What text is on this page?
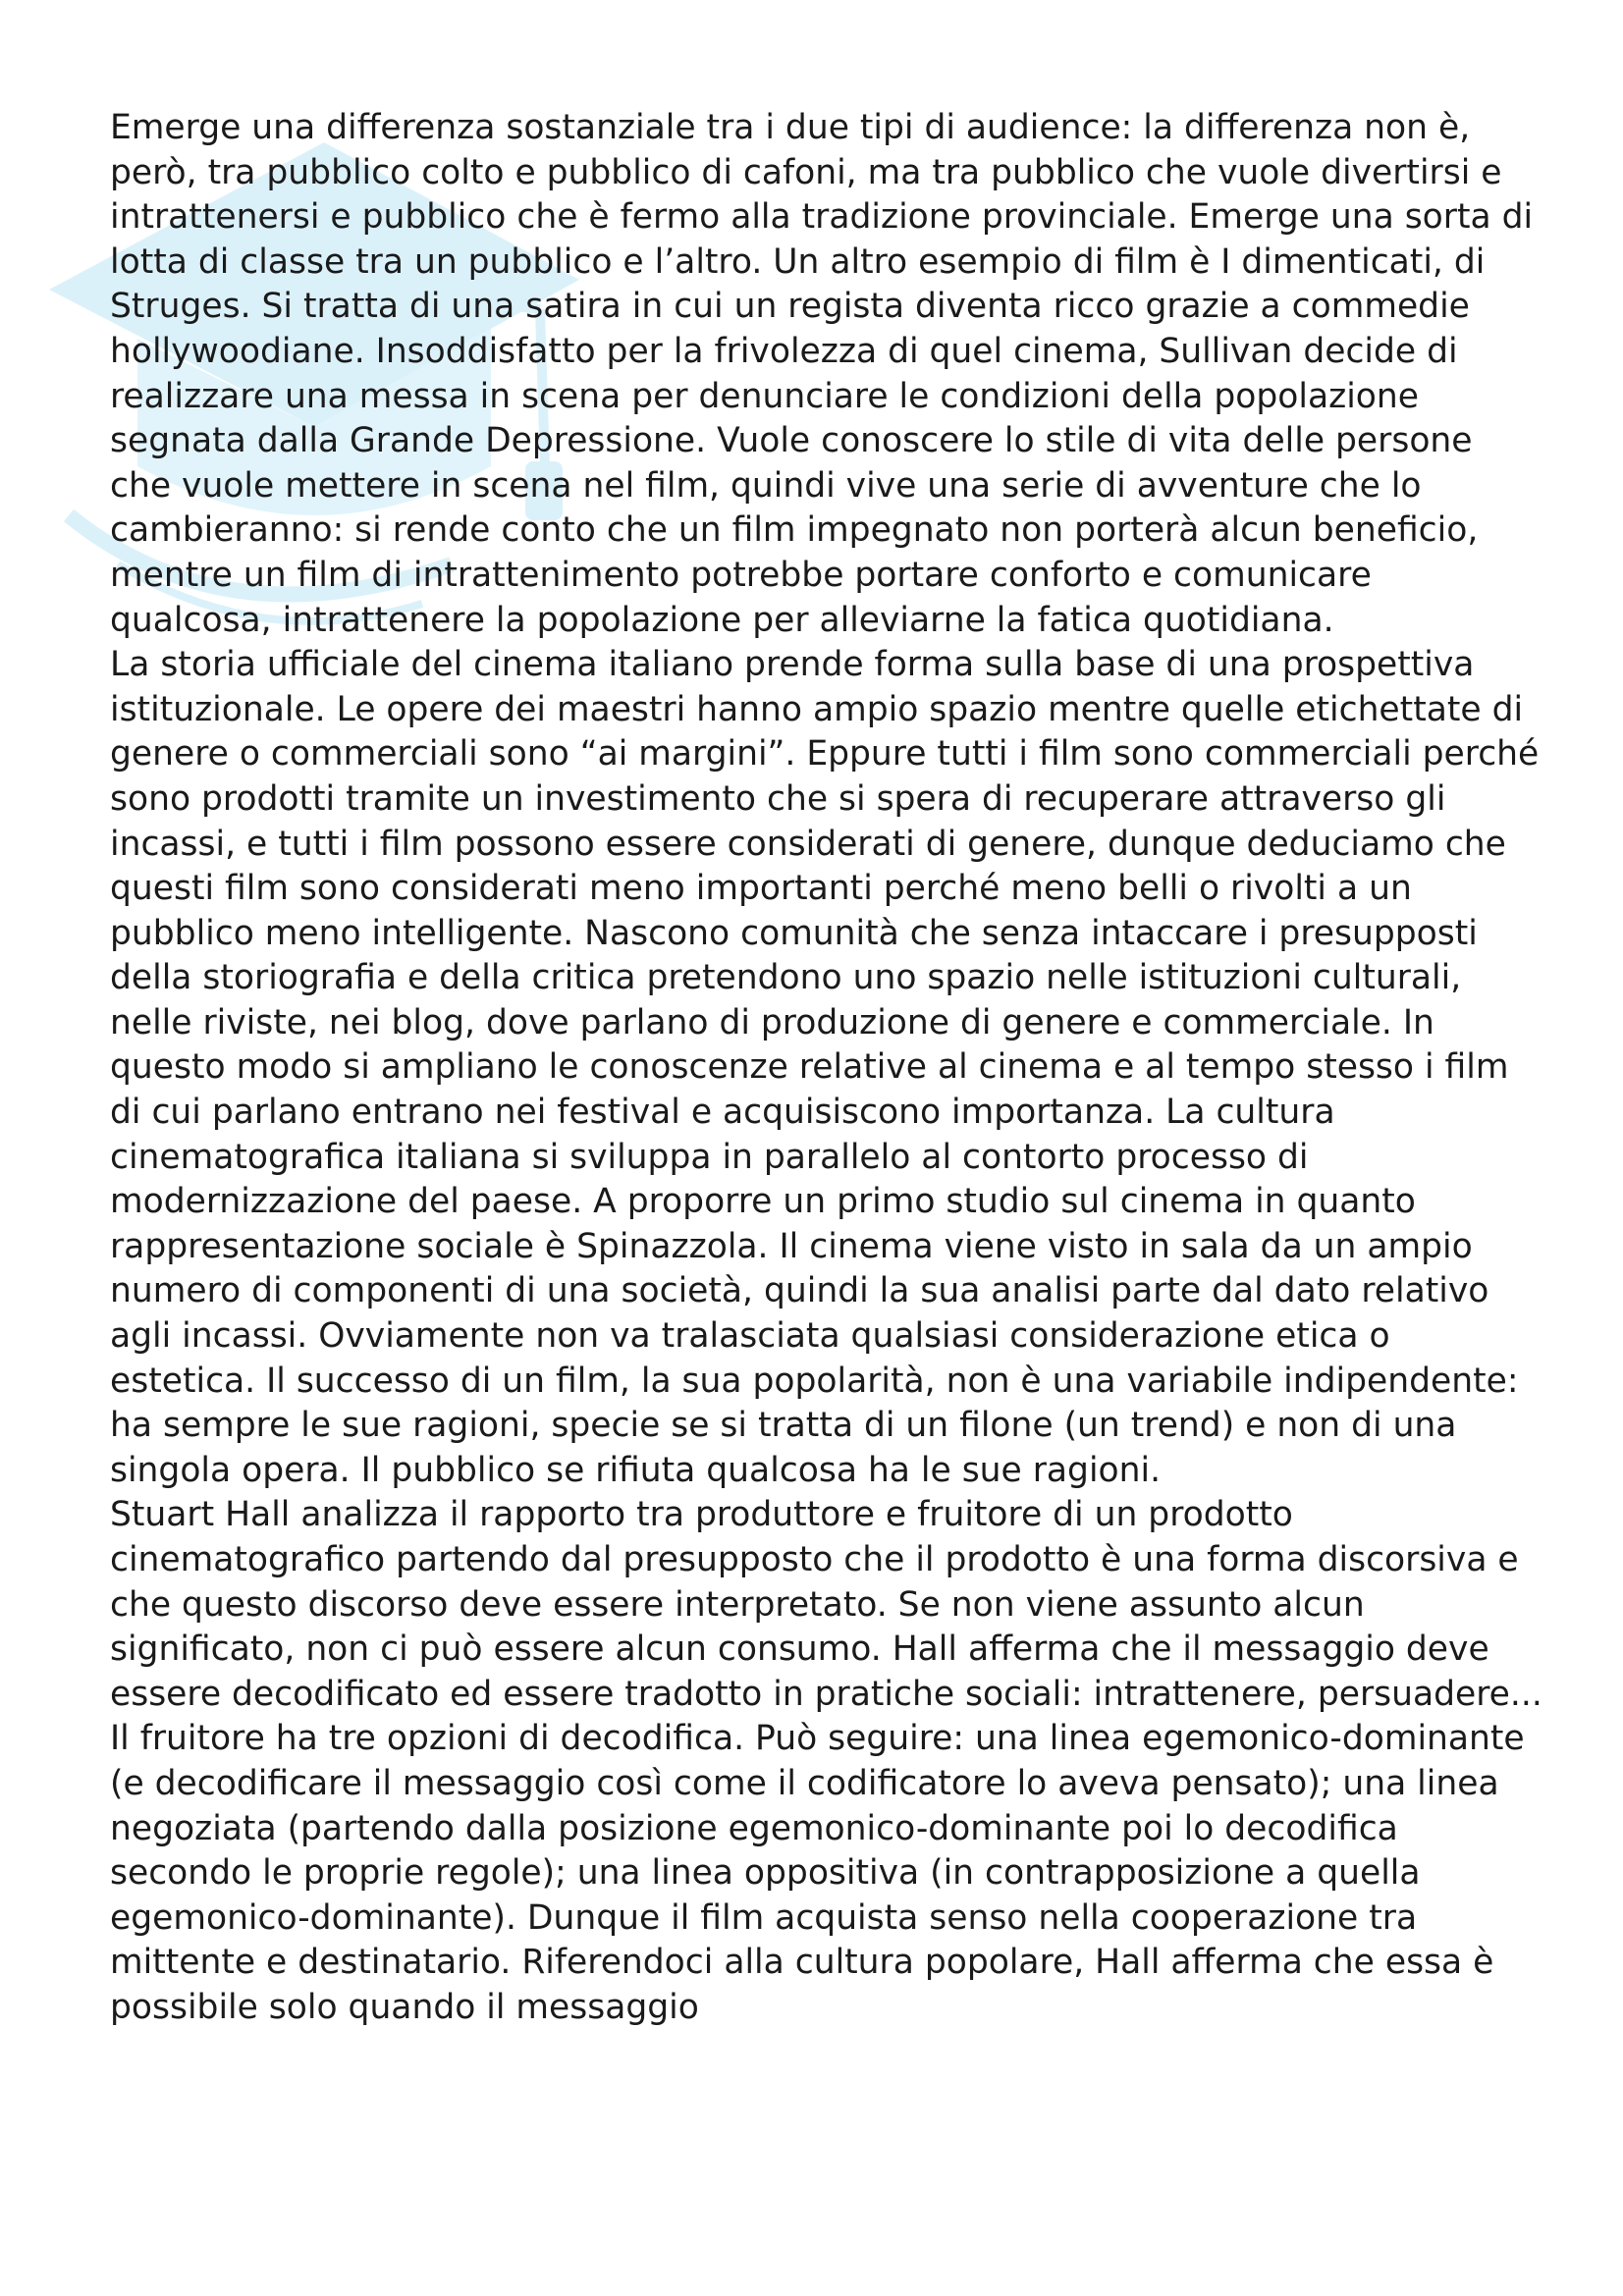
Emerge una differenza sostanziale tra i due tipi di audience: la differenza non è, però, tra pubblico colto e pubblico di cafoni, ma tra pubblico che vuole divertirsi e intrattenersi e pubblico che è fermo alla tradizione provinciale. Emerge una sorta di lotta di classe tra un pubblico e l’altro. Un altro esempio di film è I dimenticati, di Struges. Si tratta di una satira in cui un regista diventa ricco grazie a commedie hollywoodiane. Insoddisfatto per la frivolezza di quel cinema, Sullivan decide di realizzare una messa in scena per denunciare le condizioni della popolazione segnata dalla Grande Depressione. Vuole conoscere lo stile di vita delle persone che vuole mettere in scena nel film, quindi vive una serie di avventure che lo cambieranno: si rende conto che un film impegnato non porterà alcun beneficio, mentre un film di intrattenimento potrebbe portare conforto e comunicare qualcosa, intrattenere la popolazione per alleviarne la fatica quotidiana.

La storia ufficiale del cinema italiano prende forma sulla base di una prospettiva istituzionale. Le opere dei maestri hanno ampio spazio mentre quelle etichettate di genere o commerciali sono “ai margini”. Eppure tutti i film sono commerciali perché sono prodotti tramite un investimento che si spera di recuperare attraverso gli incassi, e tutti i film possono essere considerati di genere, dunque deduciamo che questi film sono considerati meno importanti perché meno belli o rivolti a un pubblico meno intelligente. Nascono comunità che senza intaccare i presupposti della storiografia e della critica pretendono uno spazio nelle istituzioni culturali, nelle riviste, nei blog, dove parlano di produzione di genere e commerciale. In questo modo si ampliano le conoscenze relative al cinema e al tempo stesso i film di cui parlano entrano nei festival e acquisiscono importanza. La cultura cinematografica italiana si sviluppa in parallelo al contorto processo di modernizzazione del paese. A proporre un primo studio sul cinema in quanto rappresentazione sociale è Spinazzola. Il cinema viene visto in sala da un ampio numero di componenti di una società, quindi la sua analisi parte dal dato relativo agli incassi. Ovviamente non va tralasciata qualsiasi considerazione etica o estetica. Il successo di un film, la sua popolarità, non è una variabile indipendente: ha sempre le sue ragioni, specie se si tratta di un filone (un trend) e non di una singola opera. Il pubblico se rifiuta qualcosa ha le sue ragioni.

Stuart Hall analizza il rapporto tra produttore e fruitore di un prodotto cinematografico partendo dal presupposto che il prodotto è una forma discorsiva e che questo discorso deve essere interpretato. Se non viene assunto alcun significato, non ci può essere alcun consumo. Hall afferma che il messaggio deve essere decodificato ed essere tradotto in pratiche sociali: intrattenere, persuadere... Il fruitore ha tre opzioni di decodifica. Può seguire: una linea egemonico-dominante (e decodificare il messaggio così come il codificatore lo aveva pensato); una linea negoziata (partendo dalla posizione egemonico-dominante poi lo decodifica secondo le proprie regole); una linea oppositiva (in contrapposizione a quella egemonico-dominante). Dunque il film acquista senso nella cooperazione tra mittente e destinatario. Riferendoci alla cultura popolare, Hall afferma che essa è possibile solo quando il messaggio
